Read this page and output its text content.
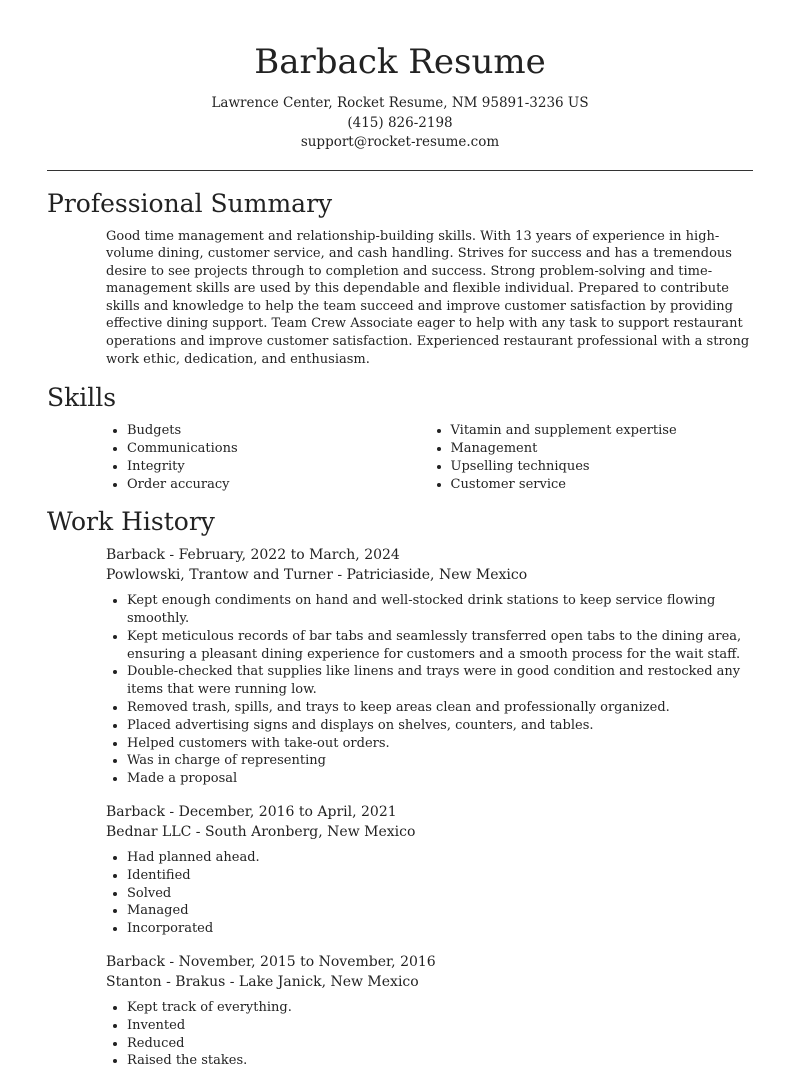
Barback Resume
Lawrence Center, Rocket Resume, NM 95891-3236 US
(415) 826-2198
support@rocket-resume.com
Professional Summary

Good time management and relationship-building skills. With 13 years of experience in high-volume dining, customer service, and cash handling. Strives for success and has a tremendous desire to see projects through to completion and success. Strong problem-solving and time-management skills are used by this dependable and flexible individual. Prepared to contribute skills and knowledge to help the team succeed and improve customer satisfaction by providing effective dining support. Team Crew Associate eager to help with any task to support restaurant operations and improve customer satisfaction. Experienced restaurant professional with a strong work ethic, dedication, and enthusiasm.

Skills
• Budgets
• Communications
• Integrity
• Order accuracy
• Vitamin and supplement expertise
• Management
• Upselling techniques
• Customer service
Work History
Barback - February, 2022 to March, 2024
Powlowski, Trantow and Turner - Patriciaside, New Mexico
• Kept enough condiments on hand and well-stocked drink stations to keep service flowing smoothly.
• Kept meticulous records of bar tabs and seamlessly transferred open tabs to the dining area, ensuring a pleasant dining experience for customers and a smooth process for the wait staff.
• Double-checked that supplies like linens and trays were in good condition and restocked any items that were running low.
• Removed trash, spills, and trays to keep areas clean and professionally organized.
• Placed advertising signs and displays on shelves, counters, and tables.
• Helped customers with take-out orders.
• Was in charge of representing
• Made a proposal
Barback - December, 2016 to April, 2021
Bednar LLC - South Aronberg, New Mexico
• Had planned ahead.
• Identified
• Solved
• Managed
• Incorporated
Barback - November, 2015 to November, 2016
Stanton - Brakus - Lake Janick, New Mexico
• Kept track of everything.
• Invented
• Reduced
• Raised the stakes.
